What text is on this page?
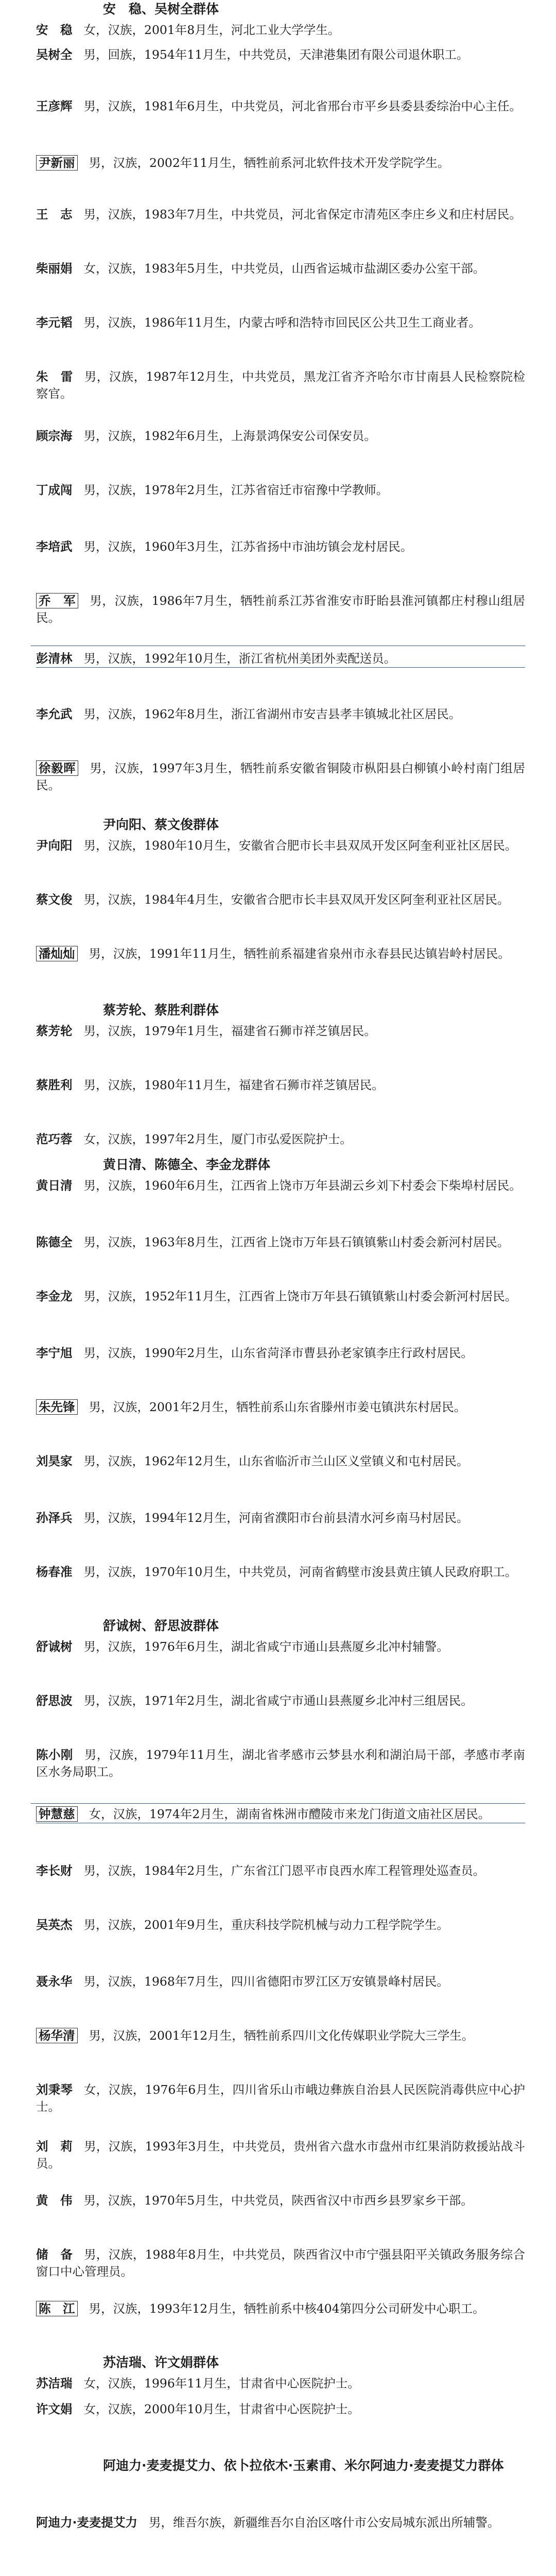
安　稳、吴树全群体
安　稳 女，汉族，2001年8月生，河北工业大学学生。
吴树全 男，回族，1954年11月生，中共党员，天津港集团有限公司退休职工。
王彦辉 男，汉族，1981年6月生，中共党员，河北省邢台市平乡县委县委综治中心主任。
尹新丽 男，汉族，2002年11月生，牺牲前系河北软件技术开发学院学生。
王　志 男，汉族，1983年7月生，中共党员，河北省保定市清苑区李庄乡义和庄村居民。
柴丽娟 女，汉族，1983年5月生，中共党员，山西省运城市盐湖区委办公室干部。
李元韬 男，汉族，1986年11月生，内蒙古呼和浩特市回民区公共卫生工商业者。
朱　雷 男，汉族，1987年12月生，中共党员，黑龙江省齐齐哈尔市甘南县人民检察院检察官。
顾宗海 男，汉族，1982年6月生，上海景鸿保安公司保安员。
丁成闯 男，汉族，1978年2月生，江苏省宿迁市宿豫中学教师。
李培武 男，汉族，1960年3月生，江苏省扬中市油坊镇会龙村居民。
乔　军 男，汉族，1986年7月生，牺牲前系江苏省淮安市盱眙县淮河镇都庄村穆山组居民。
彭清林 男，汉族，1992年10月生，浙江省杭州美团外卖配送员。
李允武 男，汉族，1962年8月生，浙江省湖州市安吉县孝丰镇城北社区居民。
徐毅晖 男，汉族，1997年3月生，牺牲前系安徽省铜陵市枞阳县白柳镇小岭村南门组居民。
尹向阳、蔡文俊群体
尹向阳 男，汉族，1980年10月生，安徽省合肥市长丰县双凤开发区阿奎利亚社区居民。
蔡文俊 男，汉族，1984年4月生，安徽省合肥市长丰县双凤开发区阿奎利亚社区居民。
潘灿灿 男，汉族，1991年11月生，牺牲前系福建省泉州市永春县民达镇岩岭村居民。
蔡芳轮、蔡胜利群体
蔡芳轮 男，汉族，1979年1月生，福建省石狮市祥芝镇居民。
蔡胜利 男，汉族，1980年11月生，福建省石狮市祥芝镇居民。
范巧蓉 女，汉族，1997年2月生，厦门市弘爱医院护士。
黄日清、陈德全、李金龙群体
黄日清 男，汉族，1960年6月生，江西省上饶市万年县湖云乡刘下村委会下柴埠村居民。
陈德全 男，汉族，1963年8月生，江西省上饶市万年县石镇镇紫山村委会新河村居民。
李金龙 男，汉族，1952年11月生，江西省上饶市万年县石镇镇紫山村委会新河村居民。
李宁旭 男，汉族，1990年2月生，山东省菏泽市曹县孙老家镇李庄行政村居民。
朱先锋 男，汉族，2001年2月生，牺牲前系山东省滕州市姜屯镇洪东村居民。
刘昊家 男，汉族，1962年12月生，山东省临沂市兰山区义堂镇义和屯村居民。
孙泽兵 男，汉族，1994年12月生，河南省濮阳市台前县清水河乡南马村居民。
杨春准 男，汉族，1970年10月生，中共党员，河南省鹤壁市浚县黄庄镇人民政府职工。
舒诚树、舒思波群体
舒诚树 男，汉族，1976年6月生，湖北省咸宁市通山县燕厦乡北冲村辅警。
舒思波 男，汉族，1971年2月生，湖北省咸宁市通山县燕厦乡北冲村三组居民。
陈小刚 男，汉族，1979年11月生，湖北省孝感市云梦县水利和湖泊局干部，孝感市孝南区水务局职工。
钟慧慈 女，汉族，1974年2月生，湖南省株洲市醴陵市来龙门街道文庙社区居民。
李长财 男，汉族，1984年2月生，广东省江门恩平市良西水库工程管理处巡查员。
吴英杰 男，汉族，2001年9月生，重庆科技学院机械与动力工程学院学生。
聂永华 男，汉族，1968年7月生，四川省德阳市罗江区万安镇景峰村居民。
杨华清 男，汉族，2001年12月生，牺牲前系四川文化传媒职业学院大三学生。
刘秉琴 女，汉族，1976年6月生，四川省乐山市峨边彝族自治县人民医院消毒供应中心护士。
刘　莉 男，汉族，1993年3月生，中共党员，贵州省六盘水市盘州市红果消防救援站战斗员。
黄　伟 男，汉族，1970年5月生，中共党员，陕西省汉中市西乡县罗家乡干部。
储　备 男，汉族，1988年8月生，中共党员，陕西省汉中市宁强县阳平关镇政务服务综合窗口中心管理员。
陈　江 男，汉族，1993年12月生，牺牲前系中核404第四分公司研发中心职工。
苏洁瑞、许文娟群体
苏洁瑞 女，汉族，1996年11月生，甘肃省中心医院护士。
许文娟 女，汉族，2000年10月生，甘肃省中心医院护士。
阿迪力·麦麦提艾力、依卜拉依木·玉素甫、米尔阿迪力·麦麦提艾力群体
阿迪力·麦麦提艾力 男，维吾尔族，新疆维吾尔自治区喀什市公安局城东派出所辅警。
